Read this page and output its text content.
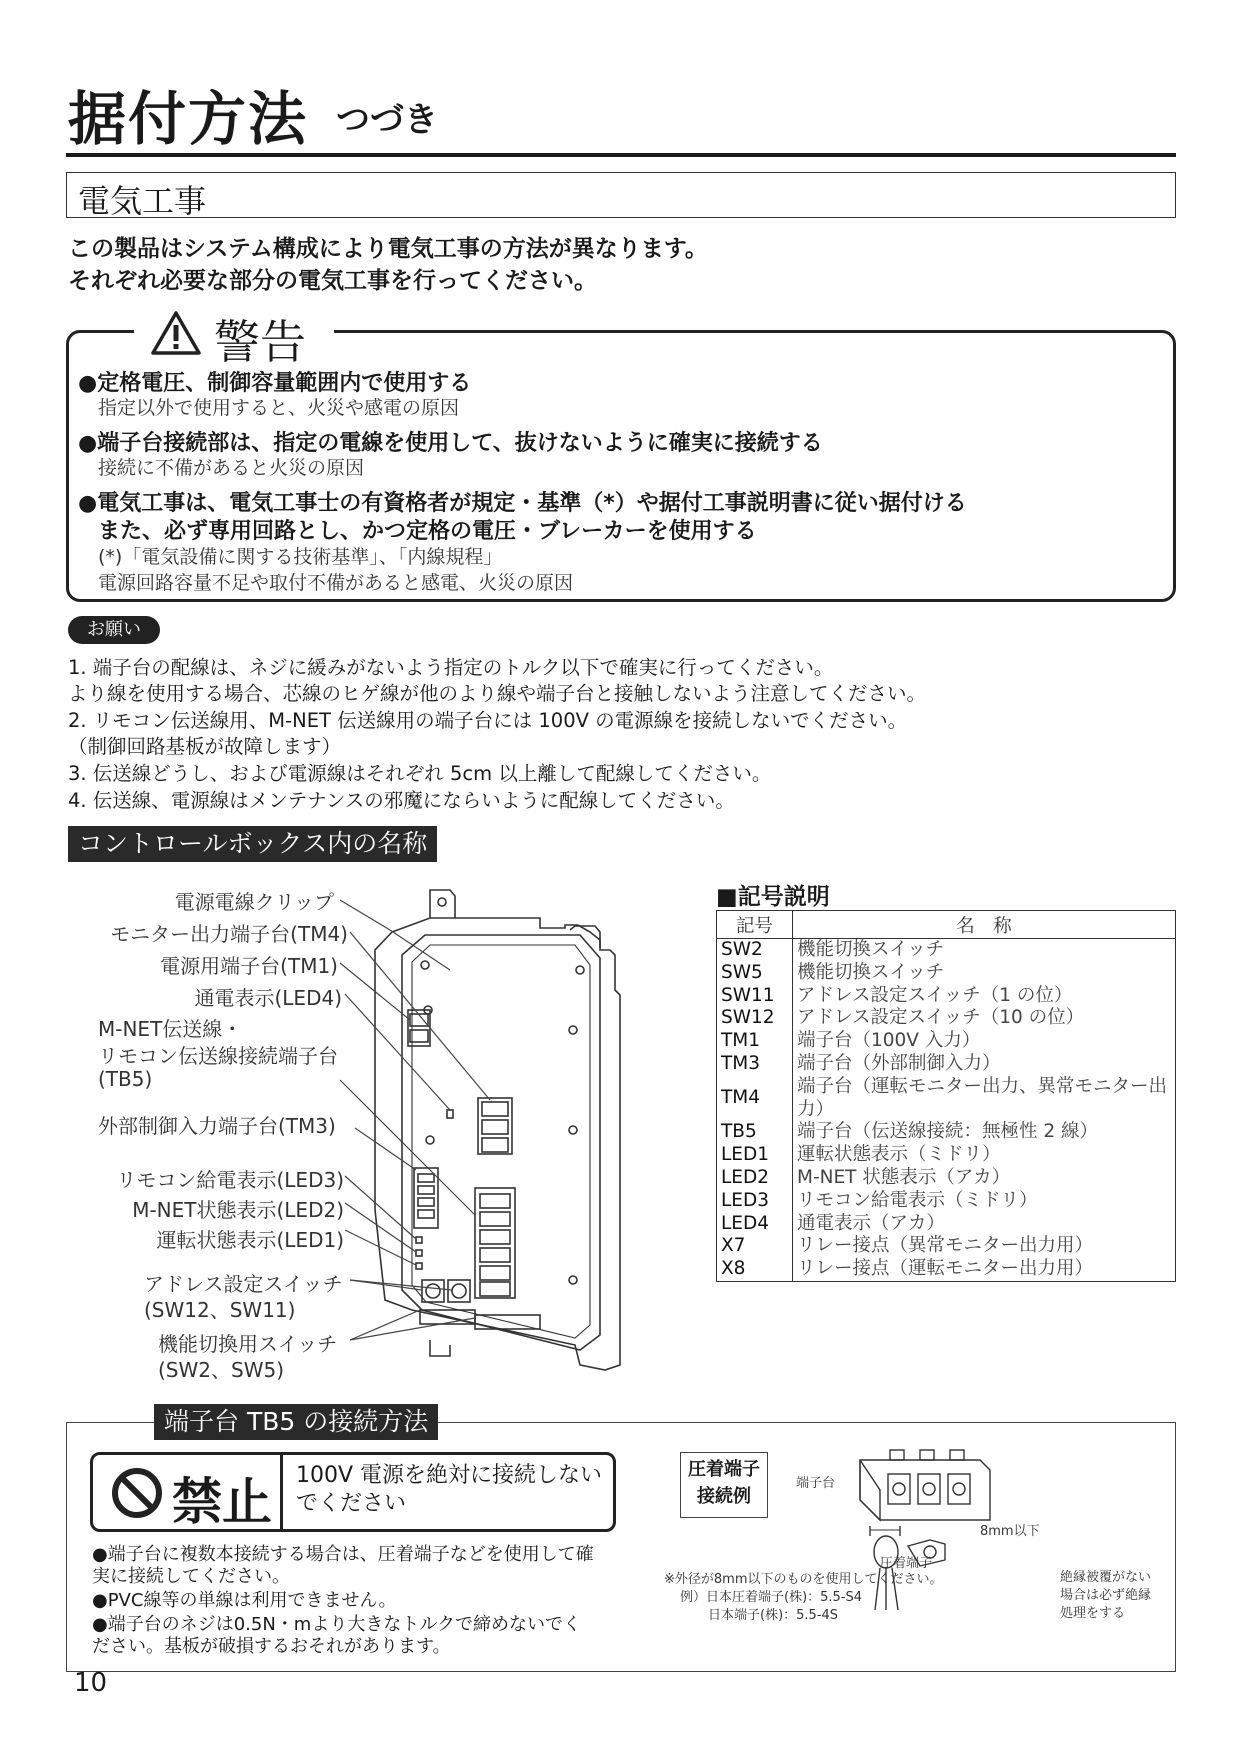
据付方法 つづき
電気工事
この製品はシステム構成により電気工事の方法が異なります。
それぞれ必要な部分の電気工事を行ってください。
警告
●定格電圧、制御容量範囲内で使用する
指定以外で使用すると、火災や感電の原因
●端子台接続部は、指定の電線を使用して、抜けないように確実に接続する
接続に不備があると火災の原因
●電気工事は、電気工事士の有資格者が規定・基準（*）や据付工事説明書に従い据付ける
また、必ず専用回路とし、かつ定格の電圧・ブレーカーを使用する
(*)「電気設備に関する技術基準」、「内線規程」
電源回路容量不足や取付不備があると感電、火災の原因
お願い
1. 端子台の配線は、ネジに緩みがないよう指定のトルク以下で確実に行ってください。
より線を使用する場合、芯線のヒゲ線が他のより線や端子台と接触しないよう注意してください。
2. リモコン伝送線用、M-NET 伝送線用の端子台には 100V の電源線を接続しないでください。
（制御回路基板が故障します）
3. 伝送線どうし、および電源線はそれぞれ 5cm 以上離して配線してください。
4. 伝送線、電源線はメンテナンスの邪魔にならいように配線してください。
コントロールボックス内の名称
電源電線クリップ
モニター出力端子台(TM4)
電源用端子台(TM1)
通電表示(LED4)
M-NET伝送線・
リモコン伝送線接続端子台
(TB5)
外部制御入力端子台(TM3)
リモコン給電表示(LED3)
M-NET状態表示(LED2)
運転状態表示(LED1)
アドレス設定スイッチ
(SW12、SW11)
機能切換用スイッチ
(SW2、SW5)
■記号説明
記号	名　称
SW2	機能切換スイッチ
SW5	機能切換スイッチ
SW11	アドレス設定スイッチ（1 の位）
SW12	アドレス設定スイッチ（10 の位）
TM1	端子台（100V 入力）
TM3	端子台（外部制御入力）
TM4	端子台（運転モニター出力、異常モニター出力）
TB5	端子台（伝送線接続：無極性 2 線）
LED1	運転状態表示（ミドリ）
LED2	M-NET 状態表示（アカ）
LED3	リモコン給電表示（ミドリ）
LED4	通電表示（アカ）
X7	リレー接点（異常モニター出力用）
X8	リレー接点（運転モニター出力用）
端子台 TB5 の接続方法
禁止 100V 電源を絶対に接続しないでください
●端子台に複数本接続する場合は、圧着端子などを使用して確
実に接続してください。
●PVC線等の単線は利用できません。
●端子台のネジは0.5N・mより大きなトルクで締めないでく
ださい。基板が破損するおそれがあります。
圧着端子
接続例
端子台
8mm以下
圧着端子
※外径が8mm以下のものを使用してください。
例）日本圧着端子(株)：5.5-S4
日本端子(株)：5.5-4S
絶縁被覆がない
場合は必ず絶縁
処理をする
10
